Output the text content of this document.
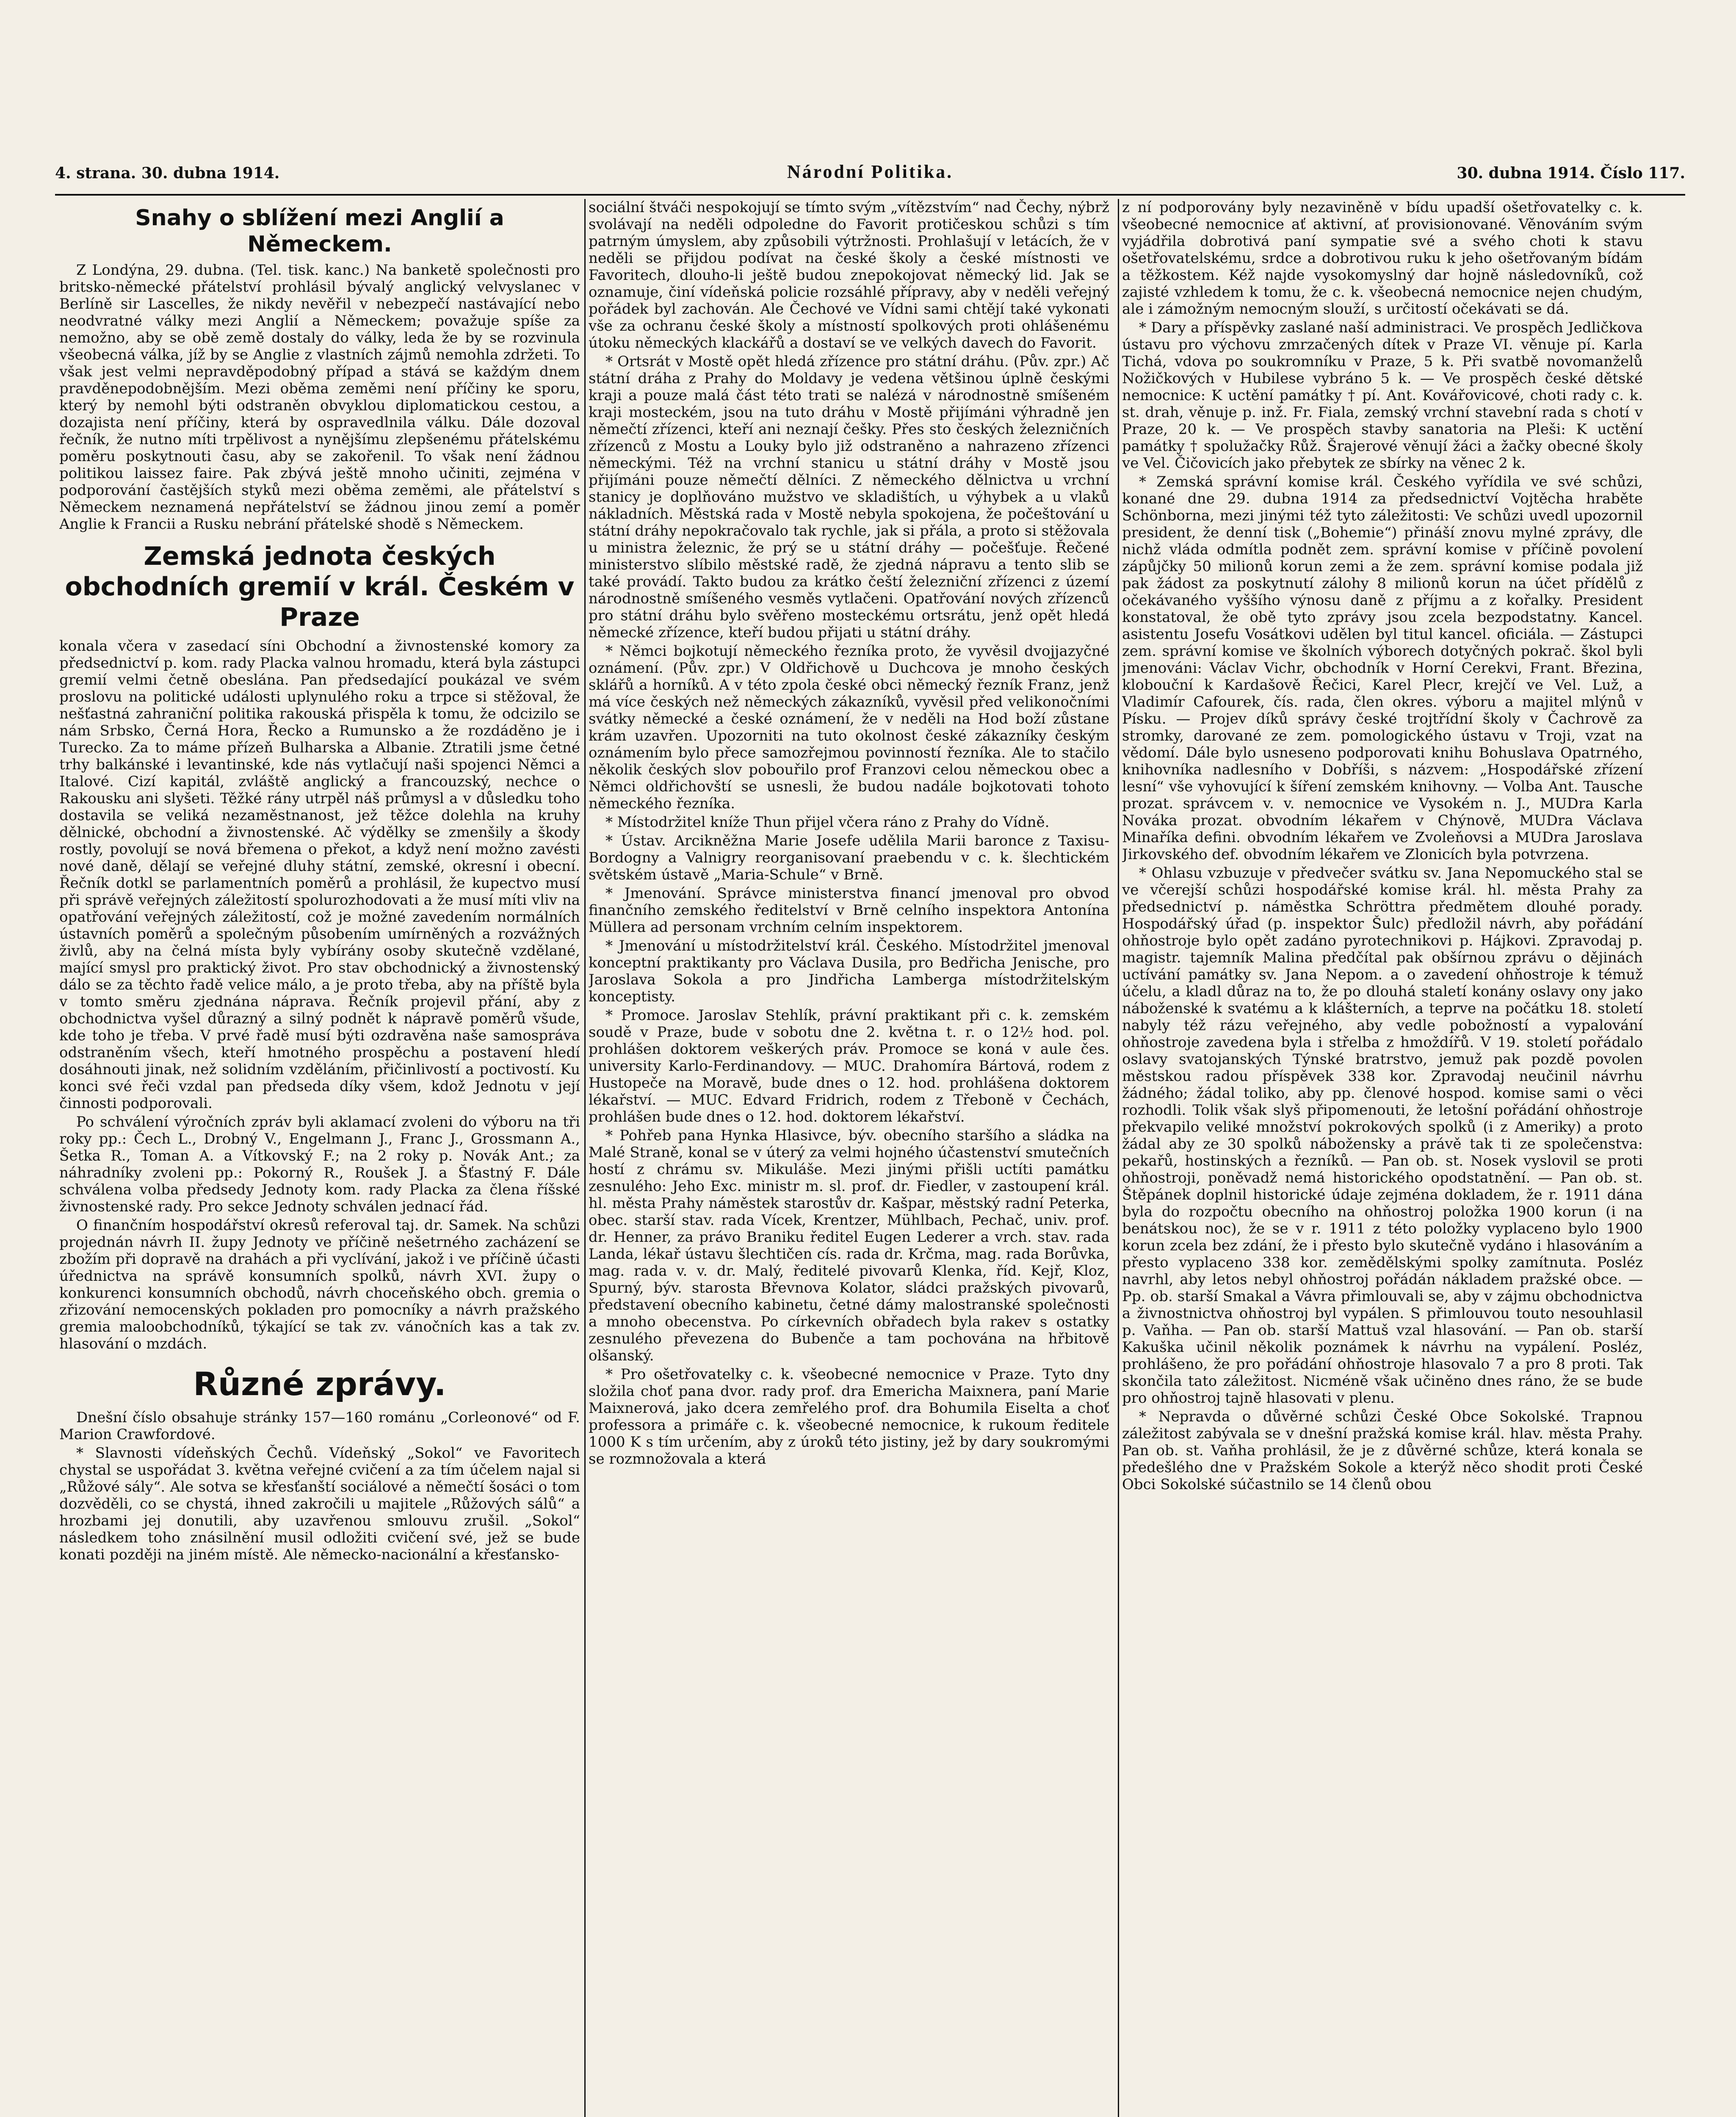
4. strana. 30. dubna 1914.	Národní Politika.	30. dubna 1914. Číslo 117.
Snahy o sblížení mezi Anglií a Německem.

Z Londýna, 29. dubna. (Tel. tisk. kanc.) Na banketě společnosti pro britsko-německé přátelství prohlásil bývalý anglický velvyslanec v Berlíně sir Lascelles, že nikdy nevěřil v nebezpečí nastávající nebo neodvratné války mezi Anglií a Německem; považuje spíše za nemožno, aby se obě země dostaly do války, leda že by se rozvinula všeobecná válka, jíž by se Anglie z vlastních zájmů nemohla zdržeti. To však jest velmi nepravděpodobný případ a stává se každým dnem pravděnepodobnějším. Mezi oběma zeměmi není příčiny ke sporu, který by nemohl býti odstraněn obvyklou diplomatickou cestou, a dozajista není příčiny, která by ospravedlnila válku. Dále dozoval řečník, že nutno míti trpělivost a nynějšímu zlepšenému přátelskému poměru poskytnouti času, aby se zakořenil. To však není žádnou politikou laissez faire. Pak zbývá ještě mnoho učiniti, zejména v podporování častějších styků mezi oběma zeměmi, ale přátelství s Německem neznamená nepřátelství se žádnou jinou zemí a poměr Anglie k Francii a Rusku nebrání přátelské shodě s Německem.

Zemská jednota českých obchodních gremií v král. Českém v Praze

konala včera v zasedací síni Obchodní a živnostenské komory za předsednictví p. kom. rady Placka valnou hromadu, která byla zástupci gremií velmi četně obeslána. Pan předsedající poukázal ve svém proslovu na politické události uplynulého roku a trpce si stěžoval, že nešťastná zahraniční politika rakouská přispěla k tomu, že odcizilo se nám Srbsko, Černá Hora, Řecko a Rumunsko a že rozdáděno je i Turecko. Za to máme přízeň Bulharska a Albanie. Ztratili jsme četné trhy balkánské i levantinské, kde nás vytlačují naši spojenci Němci a Italové. Cizí kapitál, zvláště anglický a francouzský, nechce o Rakousku ani slyšeti. Těžké rány utrpěl náš průmysl a v důsledku toho dostavila se veliká nezaměstnanost, jež těžce dolehla na kruhy dělnické, obchodní a živnostenské. Ač výdělky se zmenšily a škody rostly, povolují se nová břemena o překot, a když není možno zavésti nové daně, dělají se veřejné dluhy státní, zemské, okresní i obecní. Řečník dotkl se parlamentních poměrů a prohlásil, že kupectvo musí při správě veřejných záležitostí spolurozhodovati a že musí míti vliv na opatřování veřejných záležitostí, což je možné zavedením normálních ústavních poměrů a společným působením umírněných a rozvážných živlů, aby na čelná místa byly vybírány osoby skutečně vzdělané, mající smysl pro praktický život. Pro stav obchodnický a živnostenský dálo se za těchto řadě velice málo, a je proto třeba, aby na příště byla v tomto směru zjednána náprava. Řečník projevil přání, aby z obchodnictva vyšel důrazný a silný podnět k nápravě poměrů všude, kde toho je třeba. V prvé řadě musí býti ozdravěna naše samospráva odstraněním všech, kteří hmotného prospěchu a postavení hledí dosáhnouti jinak, než solidním vzděláním, přičinlivostí a poctivostí. Ku konci své řeči vzdal pan předseda díky všem, kdož Jednotu v její činnosti podporovali.

Po schválení výročních zpráv byli aklamací zvoleni do výboru na tři roky pp.: Čech L., Drobný V., Engelmann J., Franc J., Grossmann A., Šetka R., Toman A. a Vítkovský F.; na 2 roky p. Novák Ant.; za náhradníky zvoleni pp.: Pokorný R., Roušek J. a Šťastný F. Dále schválena volba předsedy Jednoty kom. rady Placka za člena říšské živnostenské rady. Pro sekce Jednoty schválen jednací řád.

O finančním hospodářství okresů referoval taj. dr. Samek. Na schůzi projednán návrh II. župy Jednoty ve příčině nešetrného zacházení se zbožím při dopravě na drahách a při vyclívání, jakož i ve příčině účasti úřednictva na správě konsumních spolků, návrh XVI. župy o konkurenci konsumních obchodů, návrh choceňského obch. gremia o zřizování nemocenských pokladen pro pomocníky a návrh pražského gremia maloobchodníků, týkající se tak zv. vánočních kas a tak zv. hlasování o mzdách.

Různé zprávy.

Dnešní číslo obsahuje stránky 157—160 románu „Corleonové“ od F. Marion Crawfordové.

* Slavnosti vídeňských Čechů. Vídeňský „Sokol“ ve Favoritech chystal se uspořádat 3. května veřejné cvičení a za tím účelem najal si „Růžové sály“. Ale sotva se křesťanští sociálové a němečtí šosáci o tom dozvěděli, co se chystá, ihned zakročili u majitele „Růžových sálů“ a hrozbami jej donutili, aby uzavřenou smlouvu zrušil. „Sokol“ následkem toho znásilnění musil odložiti cvičení své, jež se bude konati později na jiném místě. Ale německo-nacionální a křesťansko-

sociální štváči nespokojují se tímto svým „vítězstvím“ nad Čechy, nýbrž svolávají na neděli odpoledne do Favorit protičeskou schůzi s tím patrným úmyslem, aby způsobili výtržnosti. Prohlašují v letácích, že v neděli se přijdou podívat na české školy a české místnosti ve Favoritech, dlouho-li ještě budou znepokojovat německý lid. Jak se oznamuje, činí vídeňská policie rozsáhlé přípravy, aby v neděli veřejný pořádek byl zachován. Ale Čechové ve Vídni sami chtějí také vykonati vše za ochranu české školy a místností spolkových proti ohlášenému útoku německých klackářů a dostaví se ve velkých davech do Favorit.

* Ortsrát v Mostě opět hledá zřízence pro státní dráhu. (Pův. zpr.) Ač státní dráha z Prahy do Moldavy je vedena většinou úplně českými kraji a pouze malá část této trati se nalézá v národnostně smíšeném kraji mosteckém, jsou na tuto dráhu v Mostě přijímáni výhradně jen němečtí zřízenci, kteří ani neznají češky. Přes sto českých železničních zřízenců z Mostu a Louky bylo již odstraněno a nahrazeno zřízenci německými. Též na vrchní stanicu u státní dráhy v Mostě jsou přijímáni pouze němečtí dělníci. Z německého dělnictva u vrchní stanicy je doplňováno mužstvo ve skladištích, u výhybek a u vlaků nákladních. Městská rada v Mostě nebyla spokojena, že počeštování u státní dráhy nepokračovalo tak rychle, jak si přála, a proto si stěžovala u ministra železnic, že prý se u státní dráhy — počešťuje. Řečené ministerstvo slíbilo městské radě, že zjedná nápravu a tento slib se také provádí. Takto budou za krátko čeští železniční zřízenci z území národnostně smíšeného vesměs vytlačeni. Opatřování nových zřízenců pro státní dráhu bylo svěřeno mosteckému ortsrátu, jenž opět hledá německé zřízence, kteří budou přijati u státní dráhy.

* Němci bojkotují německého řezníka proto, že vyvěsil dvojjazyčné oznámení. (Pův. zpr.) V Oldřichově u Duchcova je mnoho českých sklářů a horníků. A v této zpola české obci německý řezník Franz, jenž má více českých než německých zákazníků, vyvěsil před velikonočními svátky německé a české oznámení, že v neděli na Hod boží zůstane krám uzavřen. Upozorniti na tuto okolnost české zákazníky českým oznámením bylo přece samozřejmou povinností řezníka. Ale to stačilo několik českých slov pobouřilo prof Franzovi celou německou obec a Němci oldřichovští se usnesli, že budou nadále bojkotovati tohoto německého řezníka.

* Místodržitel kníže Thun přijel včera ráno z Prahy do Vídně.

* Ústav. Arcikněžna Marie Josefe udělila Marii baronce z Taxisu-Bordogny a Valnigry reorganisovaní praebendu v c. k. šlechtickém světském ústavě „Maria-Schule“ v Brně.

* Jmenování. Správce ministerstva financí jmenoval pro obvod finančního zemského ředitelství v Brně celního inspektora Antonína Müllera ad personam vrchním celním inspektorem.

* Jmenování u místodržitelství král. Českého. Místodržitel jmenoval konceptní praktikanty pro Václava Dusila, pro Bedřicha Jenische, pro Jaroslava Sokola a pro Jindřicha Lamberga místodržitelským konceptisty.

* Promoce. Jaroslav Stehlík, právní praktikant při c. k. zemském soudě v Praze, bude v sobotu dne 2. května t. r. o 12½ hod. pol. prohlášen doktorem veškerých práv. Promoce se koná v aule čes. university Karlo-Ferdinandovy. — MUC. Drahomíra Bártová, rodem z Hustopeče na Moravě, bude dnes o 12. hod. prohlášena doktorem lékařství. — MUC. Edvard Fridrich, rodem z Třeboně v Čechách, prohlášen bude dnes o 12. hod. doktorem lékařství.

* Pohřeb pana Hynka Hlasivce, býv. obecního staršího a sládka na Malé Straně, konal se v úterý za velmi hojného účastenství smutečních hostí z chrámu sv. Mikuláše. Mezi jinými přišli uctíti památku zesnulého: Jeho Exc. ministr m. sl. prof. dr. Fiedler, v zastoupení král. hl. města Prahy náměstek starostův dr. Kašpar, městský radní Peterka, obec. starší stav. rada Vícek, Krentzer, Mühlbach, Pechač, univ. prof. dr. Henner, za právo Braniku ředitel Eugen Lederer a vrch. stav. rada Landa, lékař ústavu šlechtičen cís. rada dr. Krčma, mag. rada Borůvka, mag. rada v. v. dr. Malý, ředitelé pivovarů Klenka, říd. Kejř, Kloz, Spurný, býv. starosta Břevnova Kolator, sládci pražských pivovarů, představení obecního kabinetu, četné dámy malostranské společnosti a mnoho obecenstva. Po církevních obřadech byla rakev s ostatky zesnulého převezena do Bubenče a tam pochována na hřbitově olšanský.

* Pro ošetřovatelky c. k. všeobecné nemocnice v Praze. Tyto dny složila choť pana dvor. rady prof. dra Emericha Maixnera, paní Marie Maixnerová, jako dcera zemřelého prof. dra Bohumila Eiselta a choť professora a primáře c. k. všeobecné nemocnice, k rukoum ředitele 1000 K s tím určením, aby z úroků této jistiny, jež by dary soukromými se rozmnožovala a která

z ní podporovány byly nezaviněně v bídu upadší ošetřovatelky c. k. všeobecné nemocnice ať aktivní, ať provisionované. Věnováním svým vyjádřila dobrotivá paní sympatie své a svého choti k stavu ošetřovatelskému, srdce a dobrotivou ruku k jeho ošetřovaným bídám a těžkostem. Kéž najde vysokomyslný dar hojně následovníků, což zajisté vzhledem k tomu, že c. k. všeobecná nemocnice nejen chudým, ale i zámožným nemocným slouží, s určitostí očekávati se dá.

* Dary a příspěvky zaslané naší administraci. Ve prospěch Jedličkova ústavu pro výchovu zmrzačených dítek v Praze VI. věnuje pí. Karla Tichá, vdova po soukromníku v Praze, 5 k. Při svatbě novomanželů Nožičkových v Hubilese vybráno 5 k. — Ve prospěch české dětské nemocnice: K uctění památky † pí. Ant. Kovářovicové, choti rady c. k. st. drah, věnuje p. inž. Fr. Fiala, zemský vrchní stavební rada s chotí v Praze, 20 k. — Ve prospěch stavby sanatoria na Pleši: K uctění památky † spolužačky Růž. Šrajerové věnují žáci a žačky obecné školy ve Vel. Čičovicích jako přebytek ze sbírky na věnec 2 k.

* Zemská správní komise král. Českého vyřídila ve své schůzi, konané dne 29. dubna 1914 za předsednictví Vojtěcha hraběte Schönborna, mezi jinými též tyto záležitosti: Ve schůzi uvedl upozornil president, že denní tisk („Bohemie“) přináší znovu mylné zprávy, dle nichž vláda odmítla podnět zem. správní komise v příčině povolení zápůjčky 50 milionů korun zemi a že zem. správní komise podala již pak žádost za poskytnutí zálohy 8 milionů korun na účet přídělů z očekávaného vyššího výnosu daně z příjmu a z kořalky. President konstatoval, že obě tyto zprávy jsou zcela bezpodstatny. Kancel. asistentu Josefu Vosátkovi udělen byl titul kancel. oficiála. — Zástupci zem. správní komise ve školních výborech dotyčných pokrač. škol byli jmenováni: Václav Vichr, obchodník v Horní Cerekvi, Frant. Březina, klobouční k Kardašově Řečici, Karel Plecr, krejčí ve Vel. Luž, a Vladimír Cafourek, čís. rada, člen okres. výboru a majitel mlýnů v Písku. — Projev díků správy české trojtřídní školy v Čachrově za stromky, darované ze zem. pomologického ústavu v Troji, vzat na vědomí. Dále bylo usneseno podporovati knihu Bohuslava Opatrného, knihovníka nadlesního v Dobříši, s názvem: „Hospodářské zřízení lesní“ vše vyhovující k šíření zemském knihovny. — Volba Ant. Tausche prozat. správcem v. v. nemocnice ve Vysokém n. J., MUDra Karla Nováka prozat. obvodním lékařem v Chýnově, MUDra Václava Minaříka defini. obvodním lékařem ve Zvoleňovsi a MUDra Jaroslava Jirkovského def. obvodním lékařem ve Zlonicích byla potvrzena.

* Ohlasu vzbuzuje v předvečer svátku sv. Jana Nepomuckého stal se ve včerejší schůzi hospodářské komise král. hl. města Prahy za předsednictví p. náměstka Schröttra předmětem dlouhé porady. Hospodářský úřad (p. inspektor Šulc) předložil návrh, aby pořádání ohňostroje bylo opět zadáno pyrotechnikovi p. Hájkovi. Zpravodaj p. magistr. tajemník Malina předčítal pak obšírnou zprávu o dějinách uctívání památky sv. Jana Nepom. a o zavedení ohňostroje k témuž účelu, a kladl důraz na to, že po dlouhá staletí konány oslavy ony jako náboženské k svatému a k klášterních, a teprve na počátku 18. století nabyly též rázu veřejného, aby vedle pobožností a vypalování ohňostroje zavedena byla i střelba z hmoždířů. V 19. století pořádalo oslavy svatojanských Týnské bratrstvo, jemuž pak pozdě povolen městskou radou příspěvek 338 kor. Zpravodaj neučinil návrhu žádného; žádal toliko, aby pp. členové hospod. komise sami o věci rozhodli. Tolik však slyš připomenouti, že letošní pořádání ohňostroje překvapilo veliké množství pokrokových spolků (i z Ameriky) a proto žádal aby ze 30 spolků nábožensky a právě tak ti ze společenstva: pekařů, hostinských a řezníků. — Pan ob. st. Nosek vyslovil se proti ohňostroji, poněvadž nemá historického opodstatnění. — Pan ob. st. Štěpánek doplnil historické údaje zejména dokladem, že r. 1911 dána byla do rozpočtu obecního na ohňostroj položka 1900 korun (i na benátskou noc), že se v r. 1911 z této položky vyplaceno bylo 1900 korun zcela bez zdání, že i přesto bylo skutečně vydáno i hlasováním a přesto vyplaceno 338 kor. zemědělskými spolky zamítnuta. Posléz navrhl, aby letos nebyl ohňostroj pořádán nákladem pražské obce. — Pp. ob. starší Smakal a Vávra přimlouvali se, aby v zájmu obchodnictva a živnostnictva ohňostroj byl vypálen. S přimlouvou touto nesouhlasil p. Vaňha. — Pan ob. starší Mattuš vzal hlasování. — Pan ob. starší Kakuška učinil několik poznámek k návrhu na vypálení. Posléz, prohlášeno, že pro pořádání ohňostroje hlasovalo 7 a pro 8 proti. Tak skončila tato záležitost. Nicméně však učiněno dnes ráno, že se bude pro ohňostroj tajně hlasovati v plenu.

* Nepravda o důvěrné schůzi České Obce Sokolské. Trapnou záležitost zabývala se v dnešní pražská komise král. hlav. města Prahy. Pan ob. st. Vaňha prohlásil, že je z důvěrné schůze, která konala se předešlého dne v Pražském Sokole a kterýž něco shodit proti České Obci Sokolské súčastnilo se 14 členů obou
